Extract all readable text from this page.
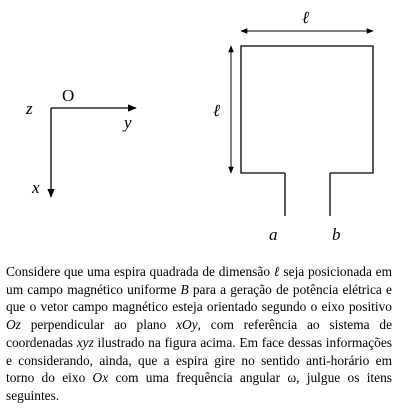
O
z
y
x
ℓ
ℓ
a	b

Considere que uma espira quadrada de dimensão ℓ seja posicionada em um campo magnético uniforme B para a geração de potência elétrica e que o vetor campo magnético esteja orientado segundo o eixo positivo Oz perpendicular ao plano xOy, com referência ao sistema de coordenadas xyz ilustrado na figura acima. Em face dessas informações e considerando, ainda, que a espira gire no sentido anti-horário em torno do eixo Ox com uma frequência angular ω, julgue os itens seguintes.
